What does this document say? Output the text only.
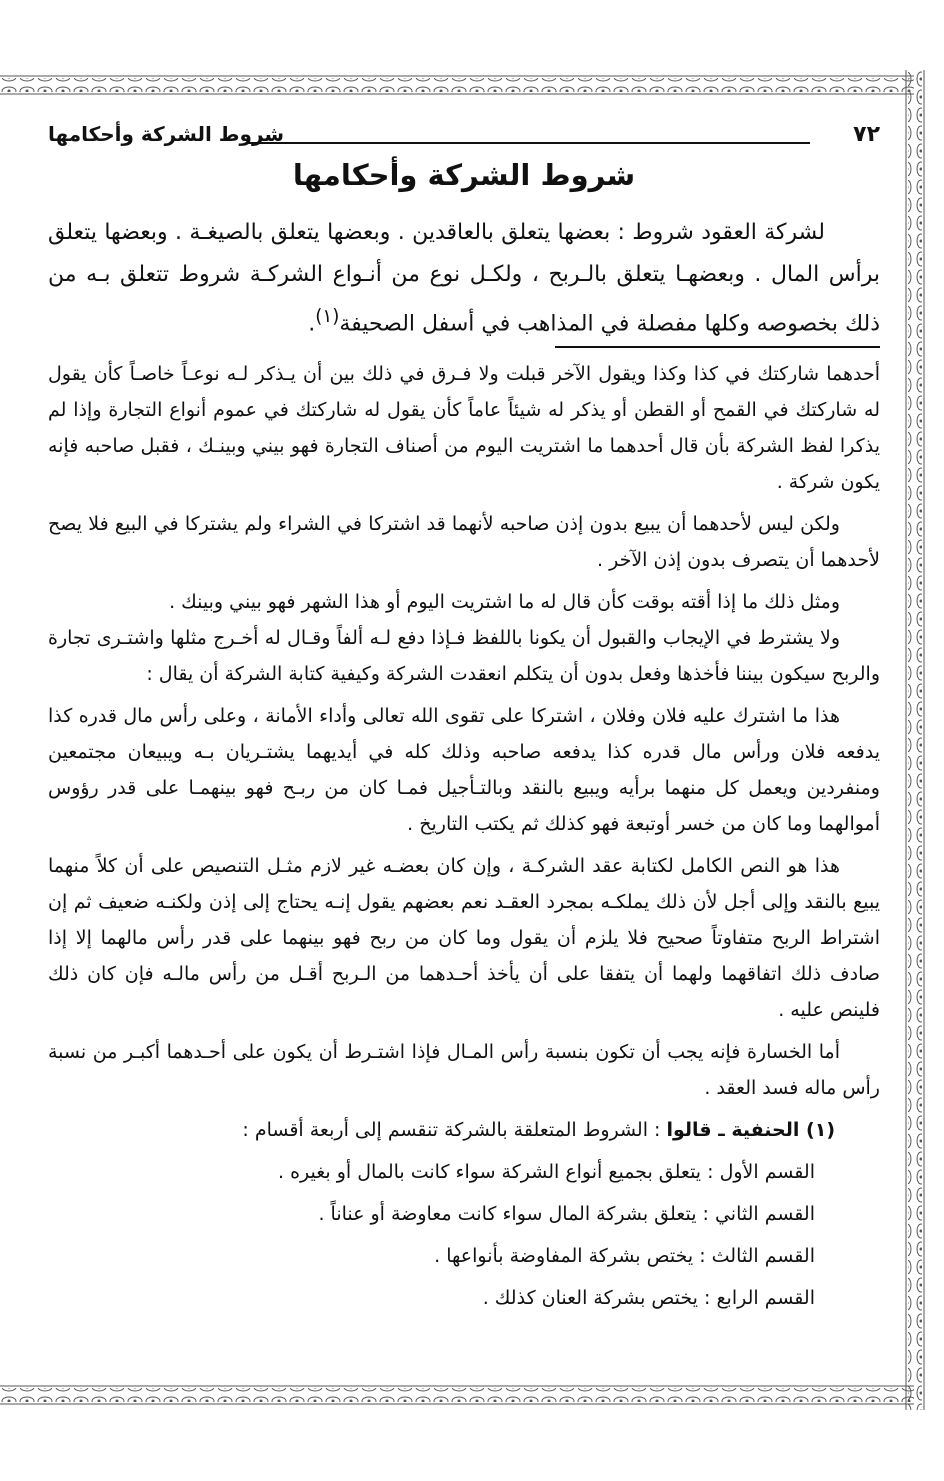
٧٢
شروط الشركة وأحكامها
شروط الشركة وأحكامها

لشركة العقود شروط : بعضها يتعلق بالعاقدين . وبعضها يتعلق بالصيغـة . وبعضها يتعلق برأس المال . وبعضهـا يتعلق بالـربح ، ولكـل نوع من أنـواع الشركـة شروط تتعلق بـه من ذلك بخصوصه وكلها مفصلة في المذاهب في أسفل الصحيفة$^{(١)}$.

أحدهما شاركتك في كذا وكذا ويقول الآخر قبلت ولا فـرق في ذلك بين أن يـذكر لـه نوعـاً خاصـاً كأن يقول له شاركتك في القمح أو القطن أو يذكر له شيئاً عاماً كأن يقول له شاركتك في عموم أنواع التجارة وإذا لم يذكرا لفظ الشركة بأن قال أحدهما ما اشتريت اليوم من أصناف التجارة فهو بيني وبينـك ، فقبل صاحبه فإنه يكون شركة .

ولكن ليس لأحدهما أن يبيع بدون إذن صاحبه لأنهما قد اشتركا في الشراء ولم يشتركا في البيع فلا يصح لأحدهما أن يتصرف بدون إذن الآخر .

ومثل ذلك ما إذا أقته بوقت كأن قال له ما اشتريت اليوم أو هذا الشهر فهو بيني وبينك .

ولا يشترط في الإيجاب والقبول أن يكونا باللفظ فـإذا دفع لـه ألفاً وقـال له أخـرج مثلها واشتـرى تجارة والربح سيكون بيننا فأخذها وفعل بدون أن يتكلم انعقدت الشركة وكيفية كتابة الشركة أن يقال :

هذا ما اشترك عليه فلان وفلان ، اشتركا على تقوى الله تعالى وأداء الأمانة ، وعلى رأس مال قدره كذا يدفعه فلان ورأس مال قدره كذا يدفعه صاحبه وذلك كله في أيديهما يشتـريان بـه ويبيعان مجتمعين ومنفردين ويعمل كل منهما برأيه ويبيع بالنقد وبالتـأجيل فمـا كان من ربـح فهو بينهمـا على قدر رؤوس أموالهما وما كان من خسر أوتبعة فهو كذلك ثم يكتب التاريخ .

هذا هو النص الكامل لكتابة عقد الشركـة ، وإن كان بعضـه غير لازم مثـل التنصيص على أن كلاً منهما يبيع بالنقد وإلى أجل لأن ذلك يملكـه بمجرد العقـد نعم بعضهم يقول إنـه يحتاج إلى إذن ولكنـه ضعيف ثم إن اشتراط الربح متفاوتاً صحيح فلا يلزم أن يقول وما كان من ربح فهو بينهما على قدر رأس مالهما إلا إذا صادف ذلك اتفاقهما ولهما أن يتفقا على أن يأخذ أحـدهما من الـربح أقـل من رأس مالـه فإن كان ذلك فلينص عليه .

أما الخسارة فإنه يجب أن تكون بنسبة رأس المـال فإذا اشتـرط أن يكون على أحـدهما أكبـر من نسبة رأس ماله فسد العقد .

(١) الحنفية ـ قالوا : الشروط المتعلقة بالشركة تنقسم إلى أربعة أقسام :

القسم الأول : يتعلق بجميع أنواع الشركة سواء كانت بالمال أو بغيره .

القسم الثاني : يتعلق بشركة المال سواء كانت معاوضة أو عناناً .

القسم الثالث : يختص بشركة المفاوضة بأنواعها .

القسم الرابع : يختص بشركة العنان كذلك .
